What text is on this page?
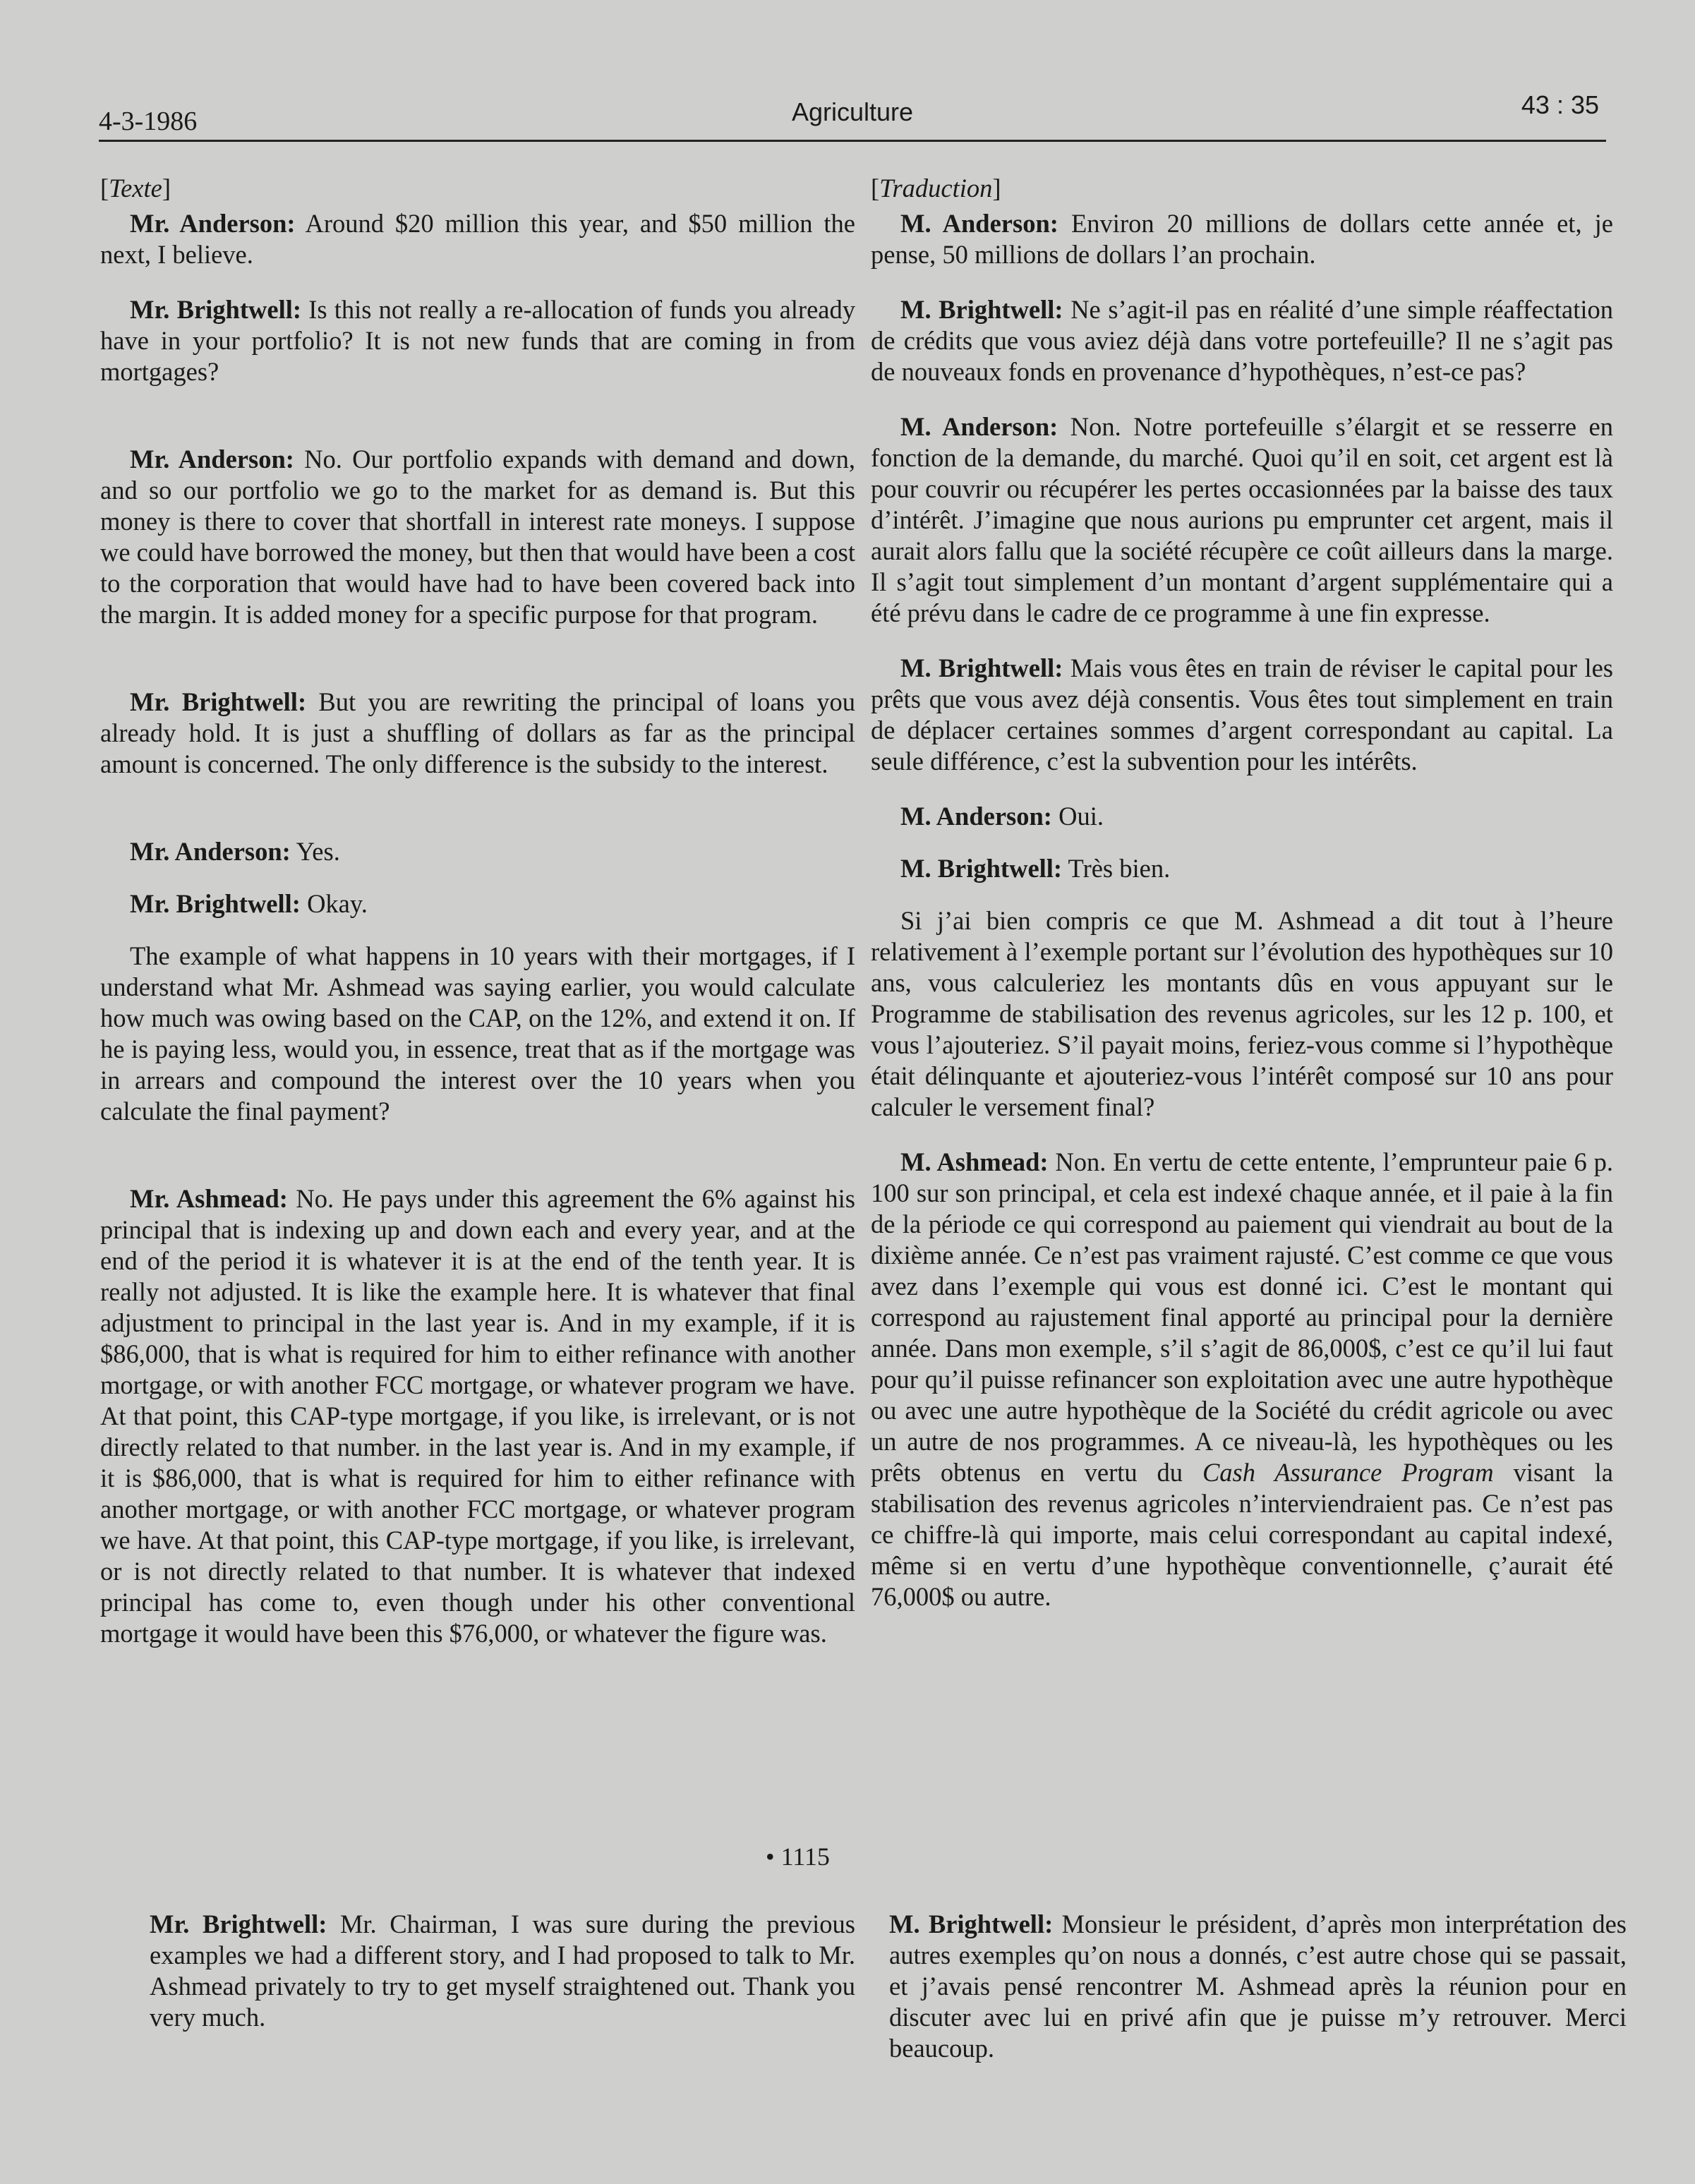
4-3-1986	Agriculture	43 : 35

[Texte]

Mr. Anderson: Around $20 million this year, and $50 million the next, I believe.

Mr. Brightwell: Is this not really a re-allocation of funds you already have in your portfolio? It is not new funds that are coming in from mortgages?

Mr. Anderson: No. Our portfolio expands with demand and down, and so our portfolio we go to the market for as demand is. But this money is there to cover that shortfall in interest rate moneys. I suppose we could have borrowed the money, but then that would have been a cost to the corporation that would have had to have been covered back into the margin. It is added money for a specific purpose for that program.

Mr. Brightwell: But you are rewriting the principal of loans you already hold. It is just a shuffling of dollars as far as the principal amount is concerned. The only difference is the subsidy to the interest.

Mr. Anderson: Yes.

Mr. Brightwell: Okay.

The example of what happens in 10 years with their mortgages, if I understand what Mr. Ashmead was saying earlier, you would calculate how much was owing based on the CAP, on the 12%, and extend it on. If he is paying less, would you, in essence, treat that as if the mortgage was in arrears and compound the interest over the 10 years when you calculate the final payment?

Mr. Ashmead: No. He pays under this agreement the 6% against his principal that is indexing up and down each and every year, and at the end of the period it is whatever it is at the end of the tenth year. It is really not adjusted. It is like the example here. It is whatever that final adjustment to principal in the last year is. And in my example, if it is $86,000, that is what is required for him to either refinance with another mortgage, or with another FCC mortgage, or whatever program we have. At that point, this CAP-type mortgage, if you like, is irrelevant, or is not directly related to that number. in the last year is. And in my example, if it is $86,000, that is what is required for him to either refinance with another mortgage, or with another FCC mortgage, or whatever program we have. At that point, this CAP-type mortgage, if you like, is irrelevant, or is not directly related to that number. It is whatever that indexed principal has come to, even though under his other conventional mortgage it would have been this $76,000, or whatever the figure was.

[Traduction]

M. Anderson: Environ 20 millions de dollars cette année et, je pense, 50 millions de dollars l’an prochain.

M. Brightwell: Ne s’agit-il pas en réalité d’une simple réaffectation de crédits que vous aviez déjà dans votre portefeuille? Il ne s’agit pas de nouveaux fonds en provenance d’hypothèques, n’est-ce pas?

M. Anderson: Non. Notre portefeuille s’élargit et se resserre en fonction de la demande, du marché. Quoi qu’il en soit, cet argent est là pour couvrir ou récupérer les pertes occasionnées par la baisse des taux d’intérêt. J’imagine que nous aurions pu emprunter cet argent, mais il aurait alors fallu que la société récupère ce coût ailleurs dans la marge. Il s’agit tout simplement d’un montant d’argent supplémentaire qui a été prévu dans le cadre de ce programme à une fin expresse.

M. Brightwell: Mais vous êtes en train de réviser le capital pour les prêts que vous avez déjà consentis. Vous êtes tout simplement en train de déplacer certaines sommes d’argent correspondant au capital. La seule différence, c’est la subvention pour les intérêts.

M. Anderson: Oui.

M. Brightwell: Très bien.

Si j’ai bien compris ce que M. Ashmead a dit tout à l’heure relativement à l’exemple portant sur l’évolution des hypothèques sur 10 ans, vous calculeriez les montants dûs en vous appuyant sur le Programme de stabilisation des revenus agricoles, sur les 12 p. 100, et vous l’ajouteriez. S’il payait moins, feriez-vous comme si l’hypothèque était délinquante et ajouteriez-vous l’intérêt composé sur 10 ans pour calculer le versement final?

M. Ashmead: Non. En vertu de cette entente, l’emprunteur paie 6 p. 100 sur son principal, et cela est indexé chaque année, et il paie à la fin de la période ce qui correspond au paiement qui viendrait au bout de la dixième année. Ce n’est pas vraiment rajusté. C’est comme ce que vous avez dans l’exemple qui vous est donné ici. C’est le montant qui correspond au rajustement final apporté au principal pour la dernière année. Dans mon exemple, s’il s’agit de 86,000$, c’est ce qu’il lui faut pour qu’il puisse refinancer son exploitation avec une autre hypothèque ou avec une autre hypothèque de la Société du crédit agricole ou avec un autre de nos programmes. A ce niveau-là, les hypothèques ou les prêts obtenus en vertu du Cash Assurance Program visant la stabilisation des revenus agricoles n’interviendraient pas. Ce n’est pas ce chiffre-là qui importe, mais celui correspondant au capital indexé, même si en vertu d’une hypothèque conventionnelle, ç’aurait été 76,000$ ou autre.

• 1115

Mr. Brightwell: Mr. Chairman, I was sure during the previous examples we had a different story, and I had proposed to talk to Mr. Ashmead privately to try to get myself straightened out. Thank you very much.

M. Brightwell: Monsieur le président, d’après mon interprétation des autres exemples qu’on nous a donnés, c’est autre chose qui se passait, et j’avais pensé rencontrer M. Ashmead après la réunion pour en discuter avec lui en privé afin que je puisse m’y retrouver. Merci beaucoup.
